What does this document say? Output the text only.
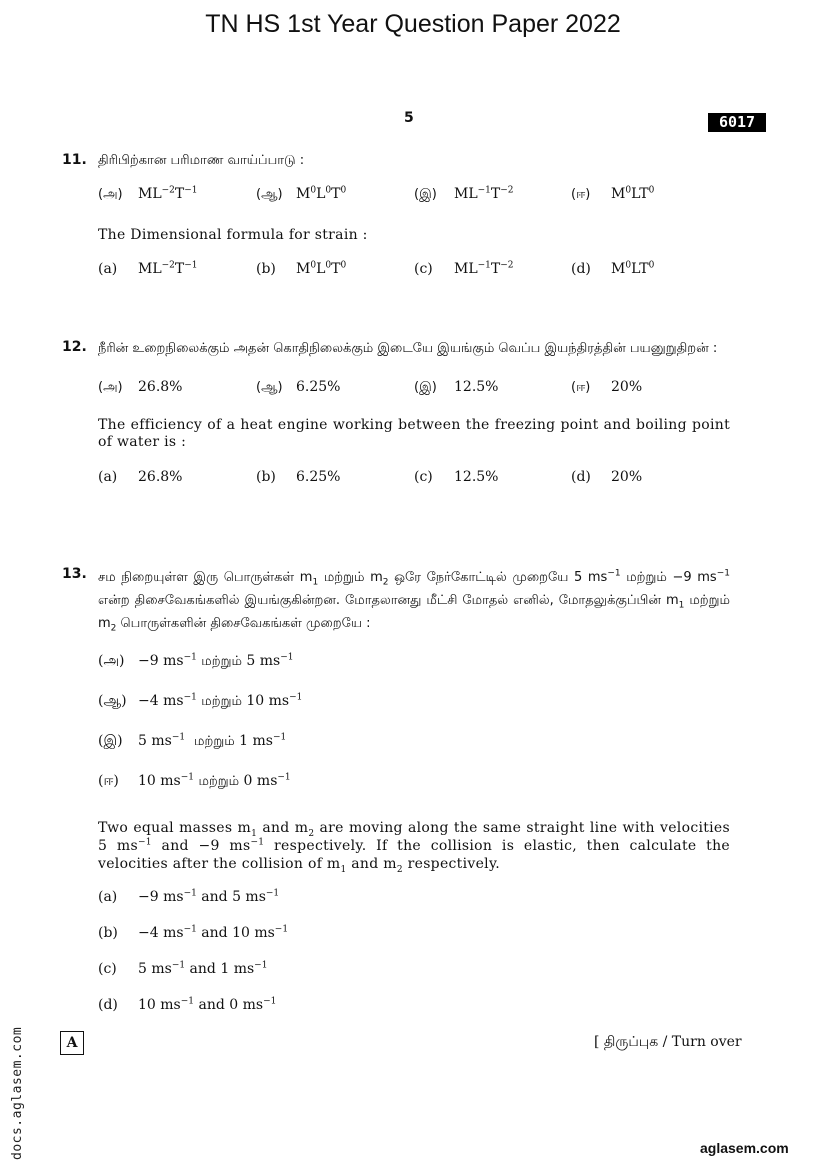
TN HS 1st Year Question Paper 2022
5	6017
11. திரிபிற்கான பரிமாண வாய்ப்பாடு :
(அ) $ML^{-2}T^{-1}$	(ஆ) $M^0L^0T^0$	(இ) $ML^{-1}T^{-2}$	(ஈ) $M^0LT^0$
The Dimensional formula for strain :
(a) $ML^{-2}T^{-1}$	(b) $M^0L^0T^0$	(c) $ML^{-1}T^{-2}$	(d) $M^0LT^0$
12. நீரின் உறைநிலைக்கும் அதன் கொதிநிலைக்கும் இடையே இயங்கும் வெப்ப இயந்திரத்தின் பயனுறுதிறன் :
(அ) 26.8%	(ஆ) 6.25%	(இ) 12.5%	(ஈ) 20%
The efficiency of a heat engine working between the freezing point and boiling point of water is :
(a) 26.8%	(b) 6.25%	(c) 12.5%	(d) 20%
13. சம நிறையுள்ள இரு பொருள்கள் $m_1$ மற்றும் $m_2$ ஒரே நேர்கோட்டில் முறையே 5 $ms^{-1}$ மற்றும் −9 $ms^{-1}$ என்ற திசைவேகங்களில் இயங்குகின்றன. மோதலானது மீட்சி மோதல் எனில், மோதலுக்குப்பின் $m_1$ மற்றும் $m_2$ பொருள்களின் திசைவேகங்கள் முறையே :
(அ) −9 $ms^{-1}$ மற்றும் 5 $ms^{-1}$
(ஆ) −4 $ms^{-1}$ மற்றும் 10 $ms^{-1}$
(இ) 5 $ms^{-1}$ மற்றும் 1 $ms^{-1}$
(ஈ) 10 $ms^{-1}$ மற்றும் 0 $ms^{-1}$
Two equal masses $m_1$ and $m_2$ are moving along the same straight line with velocities 5 $ms^{-1}$ and −9 $ms^{-1}$ respectively. If the collision is elastic, then calculate the velocities after the collision of $m_1$ and $m_2$ respectively.
(a) −9 $ms^{-1}$ and 5 $ms^{-1}$
(b) −4 $ms^{-1}$ and 10 $ms^{-1}$
(c) 5 $ms^{-1}$ and 1 $ms^{-1}$
(d) 10 $ms^{-1}$ and 0 $ms^{-1}$
A	[ திருப்புக / Turn over
docs.aglasem.com	aglasem.com
